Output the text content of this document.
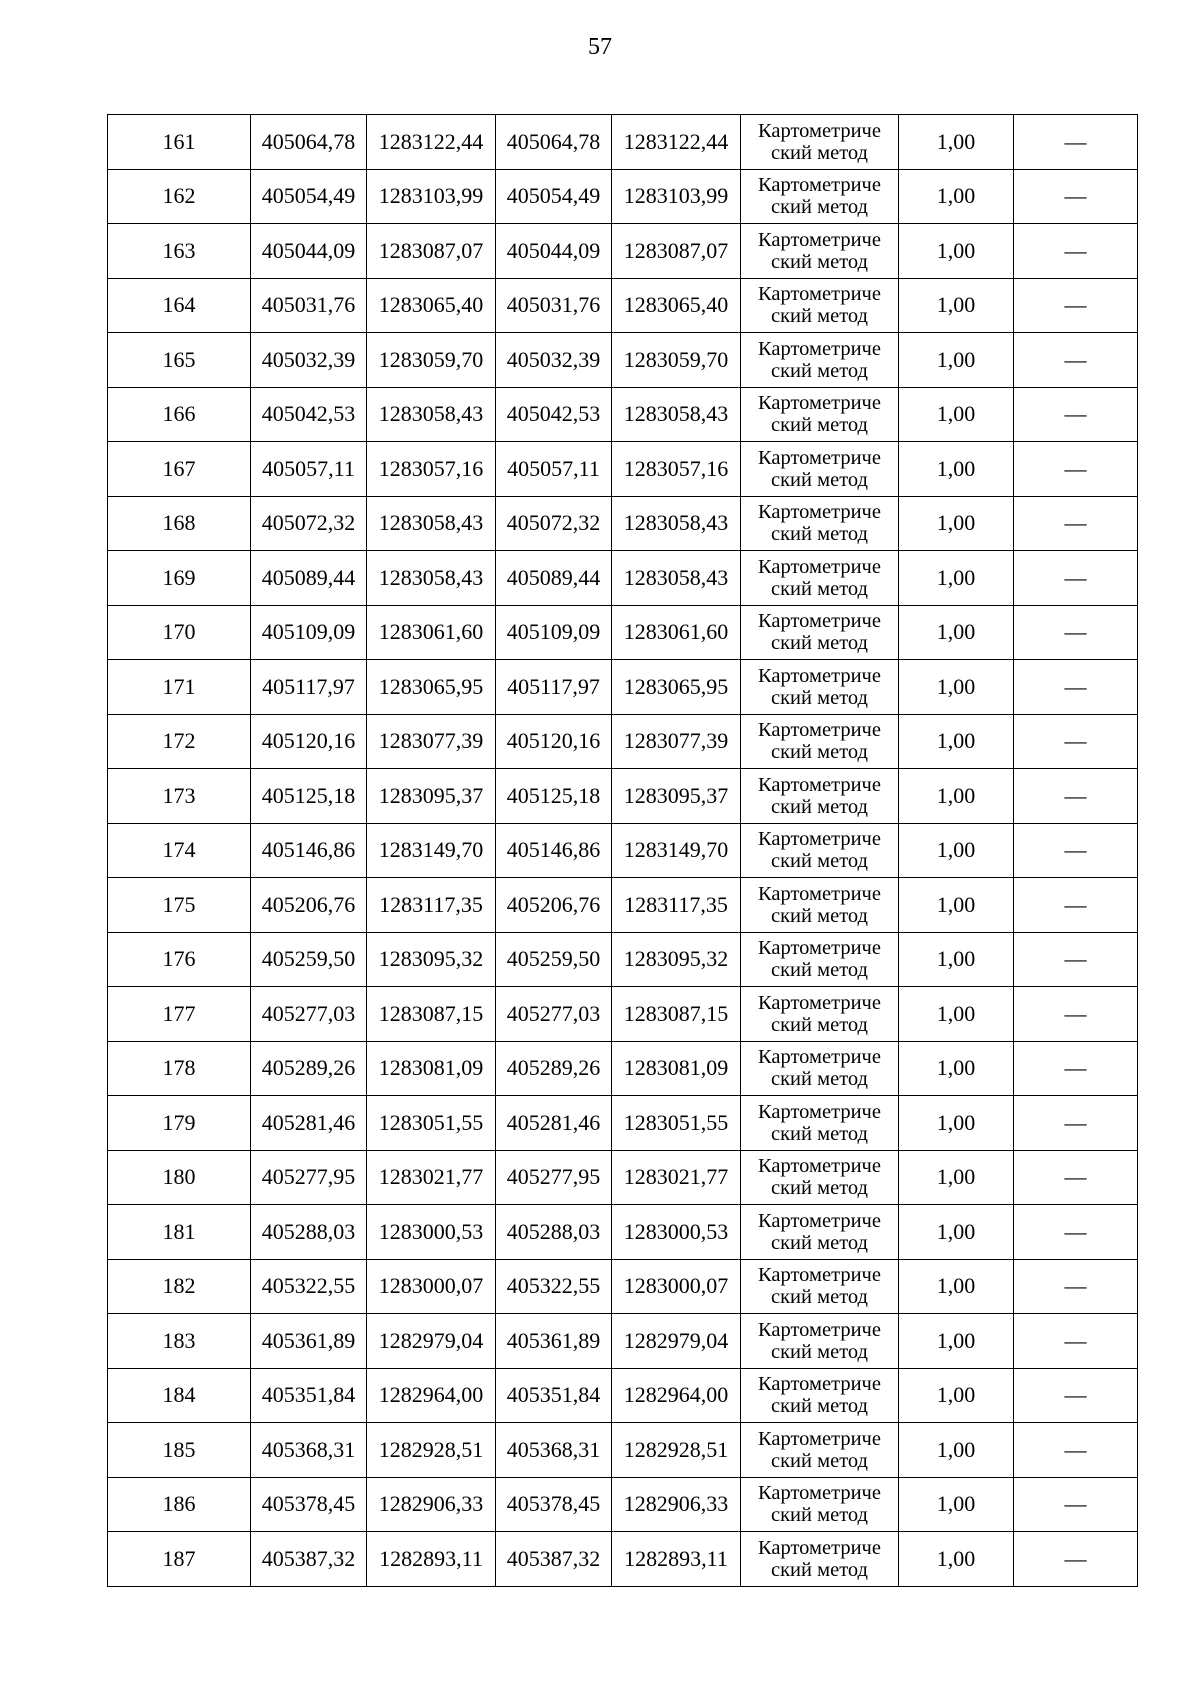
57
161	405064,78	1283122,44	405064,78	1283122,44	Картометриче
ский метод	1,00	—
162	405054,49	1283103,99	405054,49	1283103,99	Картометриче
ский метод	1,00	—
163	405044,09	1283087,07	405044,09	1283087,07	Картометриче
ский метод	1,00	—
164	405031,76	1283065,40	405031,76	1283065,40	Картометриче
ский метод	1,00	—
165	405032,39	1283059,70	405032,39	1283059,70	Картометриче
ский метод	1,00	—
166	405042,53	1283058,43	405042,53	1283058,43	Картометриче
ский метод	1,00	—
167	405057,11	1283057,16	405057,11	1283057,16	Картометриче
ский метод	1,00	—
168	405072,32	1283058,43	405072,32	1283058,43	Картометриче
ский метод	1,00	—
169	405089,44	1283058,43	405089,44	1283058,43	Картометриче
ский метод	1,00	—
170	405109,09	1283061,60	405109,09	1283061,60	Картометриче
ский метод	1,00	—
171	405117,97	1283065,95	405117,97	1283065,95	Картометриче
ский метод	1,00	—
172	405120,16	1283077,39	405120,16	1283077,39	Картометриче
ский метод	1,00	—
173	405125,18	1283095,37	405125,18	1283095,37	Картометриче
ский метод	1,00	—
174	405146,86	1283149,70	405146,86	1283149,70	Картометриче
ский метод	1,00	—
175	405206,76	1283117,35	405206,76	1283117,35	Картометриче
ский метод	1,00	—
176	405259,50	1283095,32	405259,50	1283095,32	Картометриче
ский метод	1,00	—
177	405277,03	1283087,15	405277,03	1283087,15	Картометриче
ский метод	1,00	—
178	405289,26	1283081,09	405289,26	1283081,09	Картометриче
ский метод	1,00	—
179	405281,46	1283051,55	405281,46	1283051,55	Картометриче
ский метод	1,00	—
180	405277,95	1283021,77	405277,95	1283021,77	Картометриче
ский метод	1,00	—
181	405288,03	1283000,53	405288,03	1283000,53	Картометриче
ский метод	1,00	—
182	405322,55	1283000,07	405322,55	1283000,07	Картометриче
ский метод	1,00	—
183	405361,89	1282979,04	405361,89	1282979,04	Картометриче
ский метод	1,00	—
184	405351,84	1282964,00	405351,84	1282964,00	Картометриче
ский метод	1,00	—
185	405368,31	1282928,51	405368,31	1282928,51	Картометриче
ский метод	1,00	—
186	405378,45	1282906,33	405378,45	1282906,33	Картометриче
ский метод	1,00	—
187	405387,32	1282893,11	405387,32	1282893,11	Картометриче
ский метод	1,00	—
